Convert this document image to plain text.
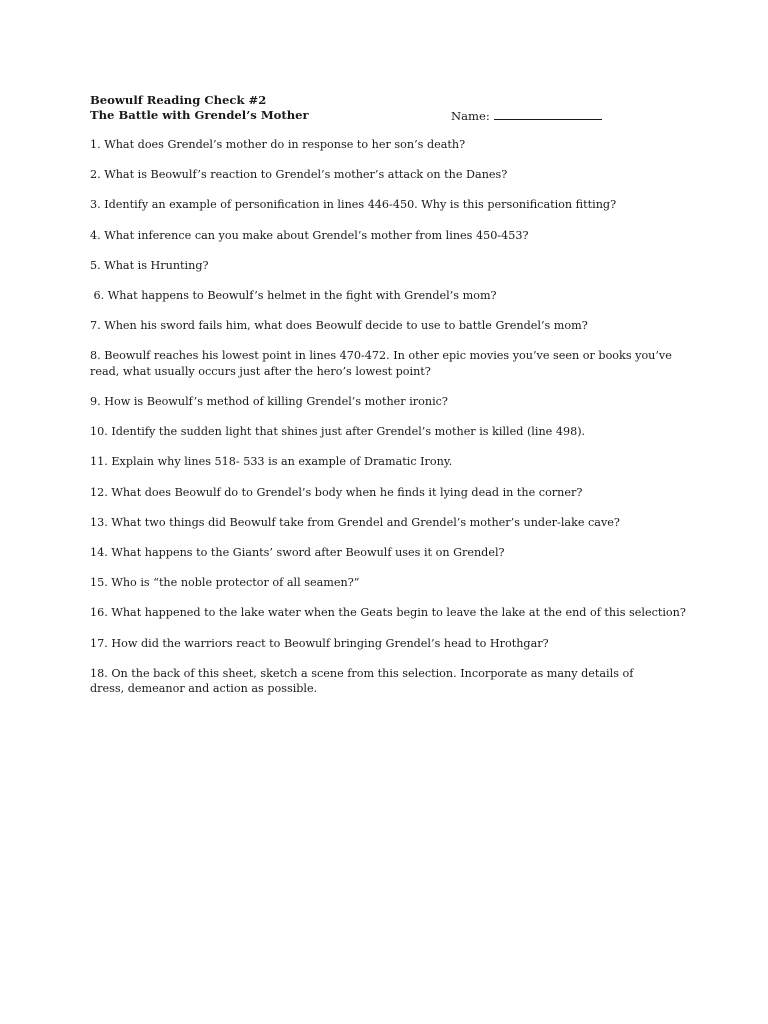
Beowulf Reading Check #2
The Battle with Grendel’s Mother	Name:
1. What does Grendel’s mother do in response to her son’s death?
2. What is Beowulf’s reaction to Grendel’s mother’s attack on the Danes?
3. Identify an example of personification in lines 446-450. Why is this personification fitting?
4. What inference can you make about Grendel’s mother from lines 450-453?
5. What is Hrunting?
6. What happens to Beowulf’s helmet in the fight with Grendel’s mom?
7. When his sword fails him, what does Beowulf decide to use to battle Grendel’s mom?
8. Beowulf reaches his lowest point in lines 470-472. In other epic movies you’ve seen or books you’ve read, what usually occurs just after the hero’s lowest point?
9. How is Beowulf’s method of killing Grendel’s mother ironic?
10. Identify the sudden light that shines just after Grendel’s mother is killed (line 498).
11. Explain why lines 518- 533 is an example of Dramatic Irony.
12. What does Beowulf do to Grendel’s body when he finds it lying dead in the corner?
13. What two things did Beowulf take from Grendel and Grendel’s mother’s under-lake cave?
14. What happens to the Giants’ sword after Beowulf uses it on Grendel?
15. Who is “the noble protector of all seamen?”
16. What happened to the lake water when the Geats begin to leave the lake at the end of this selection?
17. How did the warriors react to Beowulf bringing Grendel’s head to Hrothgar?
18. On the back of this sheet, sketch a scene from this selection. Incorporate as many details of dress, demeanor and action as possible.
